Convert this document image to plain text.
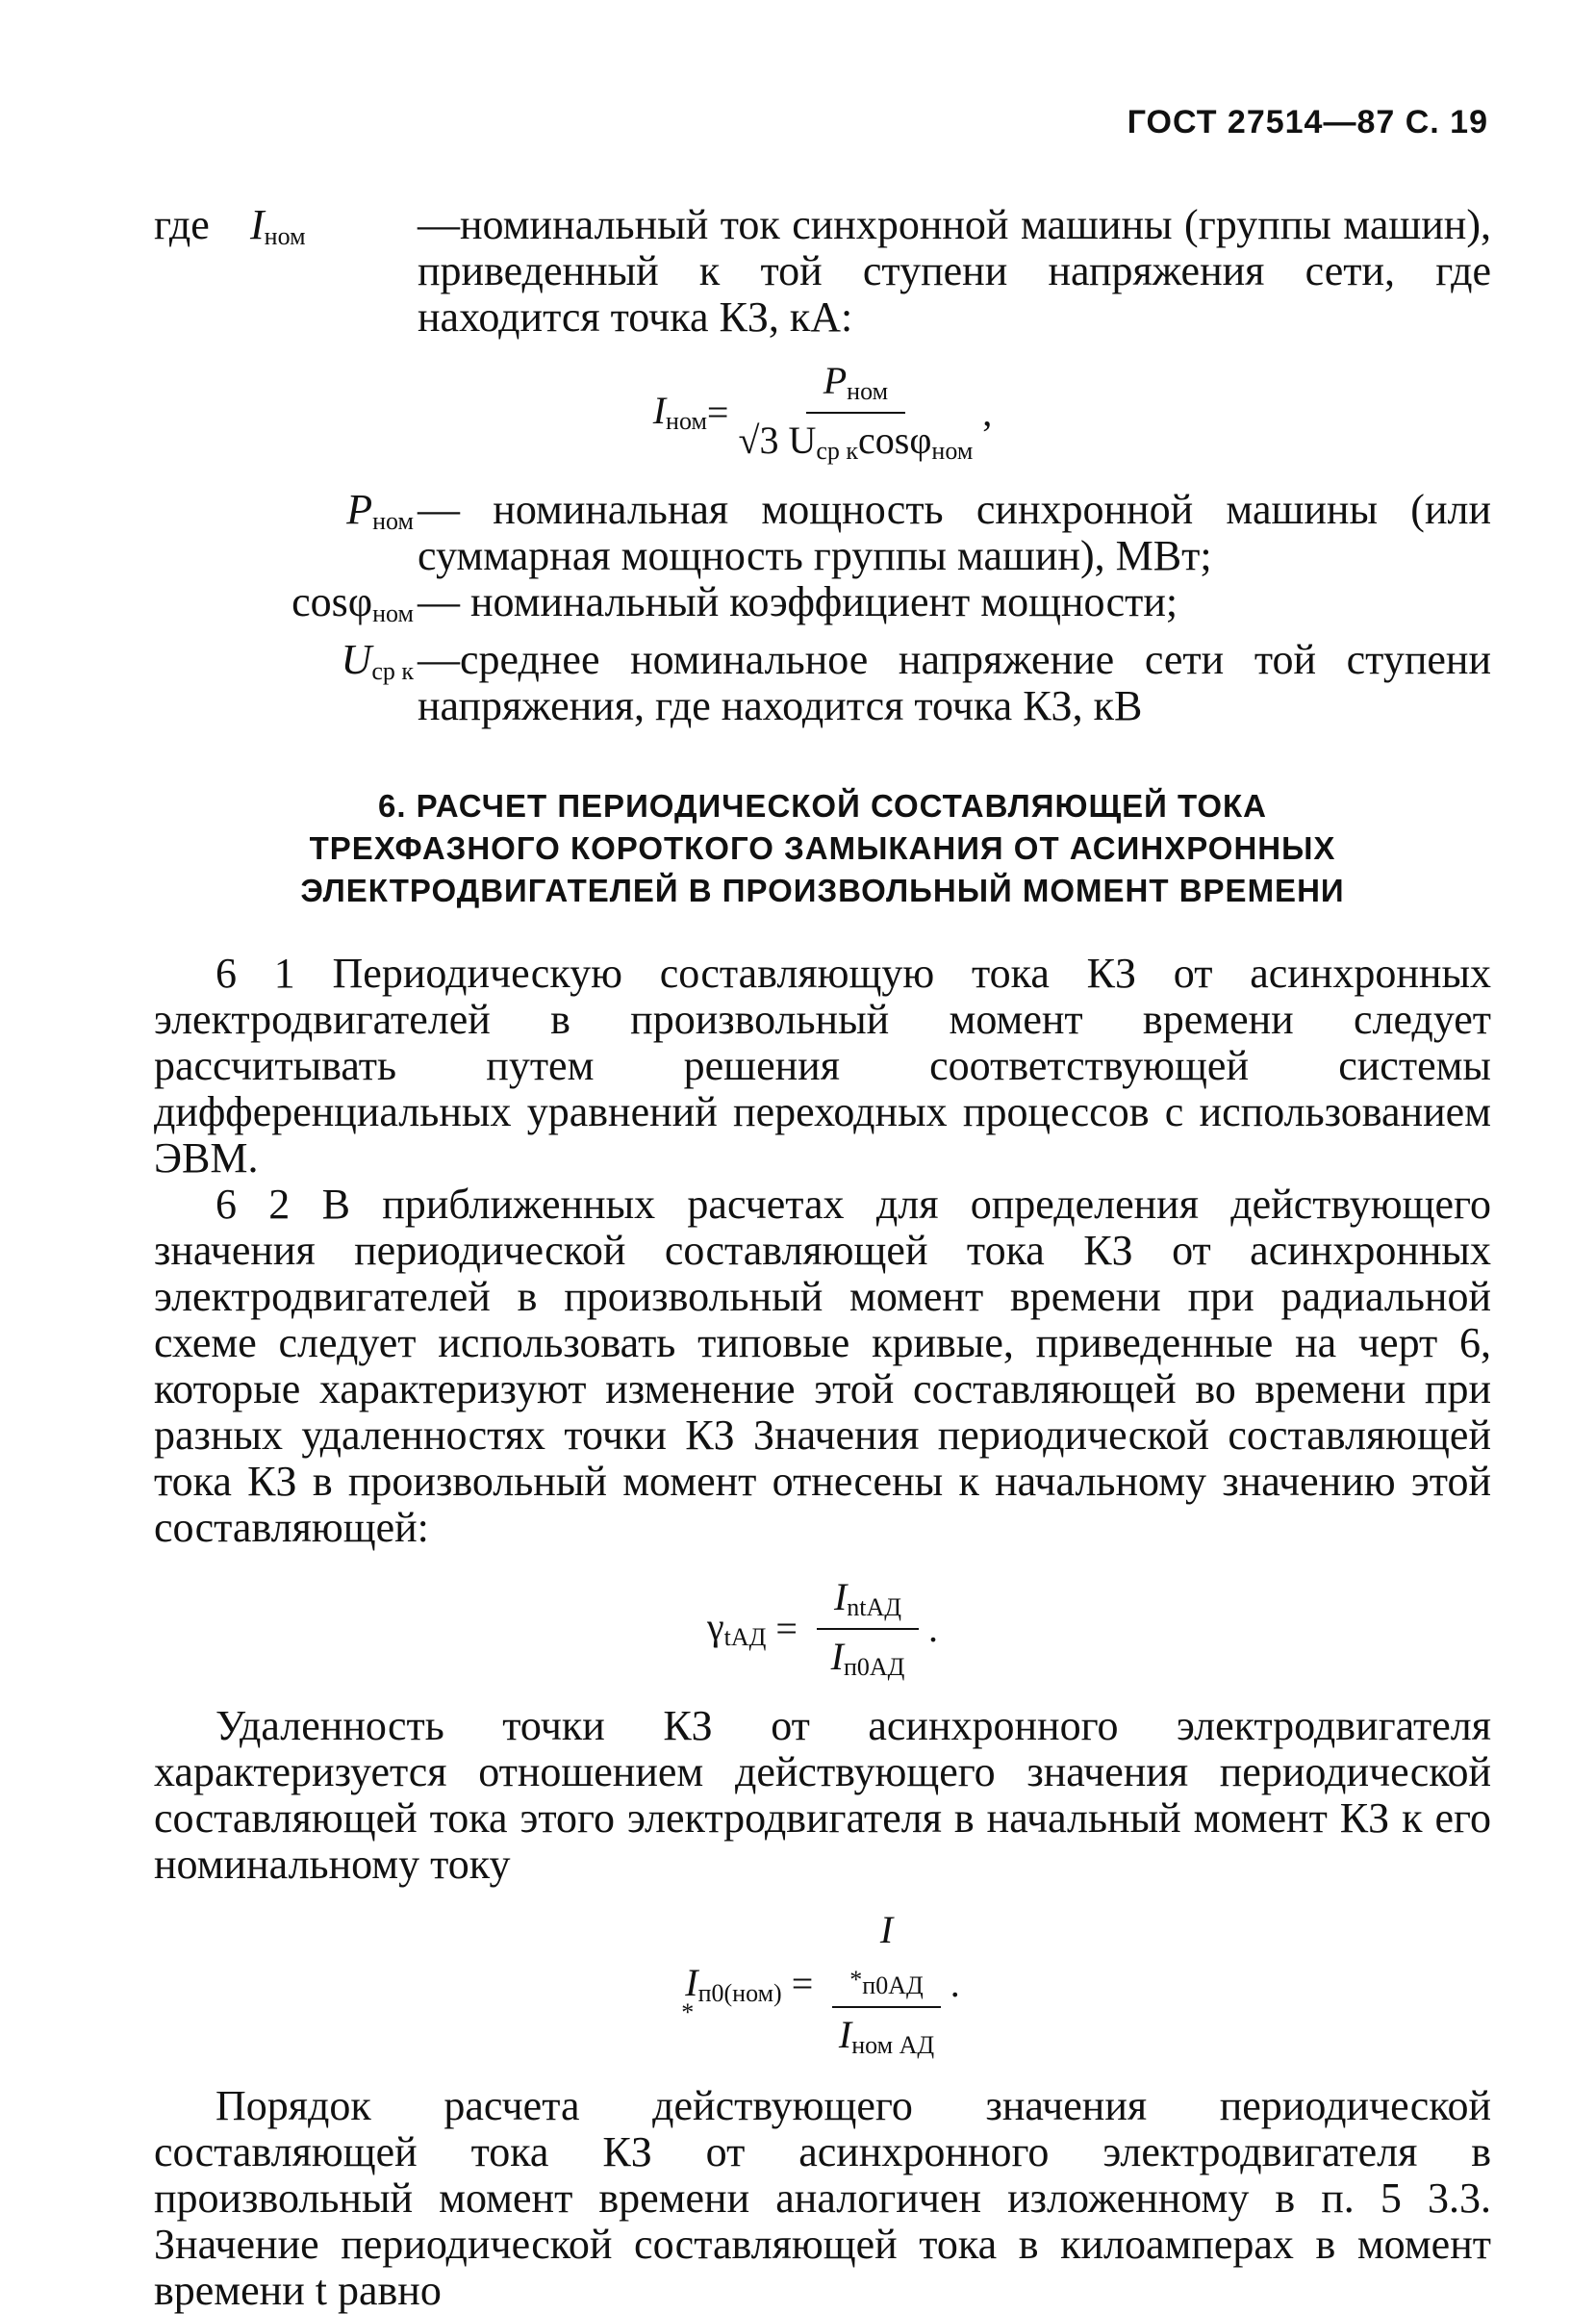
ГОСТ 27514—87 С. 19
где $I_{ном}$	—номинальный ток синхронной машины (группы машин), приведенный к той ступени напряжения сети, где находится точка КЗ, кА:
$I_{ном} = \frac{P_{ном}}{√3 U_{ср к}\cos\varphi_{ном}}$ ,
$P_{ном}$ — номинальная мощность синхронной машины (или суммарная мощность группы машин), МВт;
cosφ$_{ном}$ — номинальный коэффициент мощности;
$U_{ср к}$ —среднее номинальное напряжение сети той ступени напряжения, где находится точка КЗ, кВ
6. РАСЧЕТ ПЕРИОДИЧЕСКОЙ СОСТАВЛЯЮЩЕЙ ТОКА
ТРЕХФАЗНОГО КОРОТКОГО ЗАМЫКАНИЯ ОТ АСИНХРОННЫХ
ЭЛЕКТРОДВИГАТЕЛЕЙ В ПРОИЗВОЛЬНЫЙ МОМЕНТ ВРЕМЕНИ
6 1 Периодическую составляющую тока КЗ от асинхронных электродвигателей в произвольный момент времени следует рассчитывать путем решения соответствующей системы дифференциальных уравнений переходных процессов с использованием ЭВМ.
6 2 В приближенных расчетах для определения действующего значения периодической составляющей тока КЗ от асинхронных электродвигателей в произвольный момент времени при радиальной схеме следует использовать типовые кривые, приведенные на черт 6, которые характеризуют изменение этой составляющей во времени при разных удаленностях точки КЗ Значения периодической составляющей тока КЗ в произвольный момент отнесены к начальному значению этой составляющей:
$\gamma_{tАД} = \frac{I_{ntАД}}{I_{п0АД}}$ .
Удаленность точки КЗ от асинхронного электродвигателя характеризуется отношением действующего значения периодической составляющей тока этого электродвигателя в начальный момент КЗ к его номинальному току
$I_{п0(ном)}$
*
=
I
$*_{п0АД}$
$I_{ном АД}$
.
Порядок расчета действующего значения периодической составляющей тока КЗ от асинхронного электродвигателя в произвольный момент времени аналогичен изложенному в п. 5 3.3. Значение периодической составляющей тока в килоамперах в момент времени t равно
